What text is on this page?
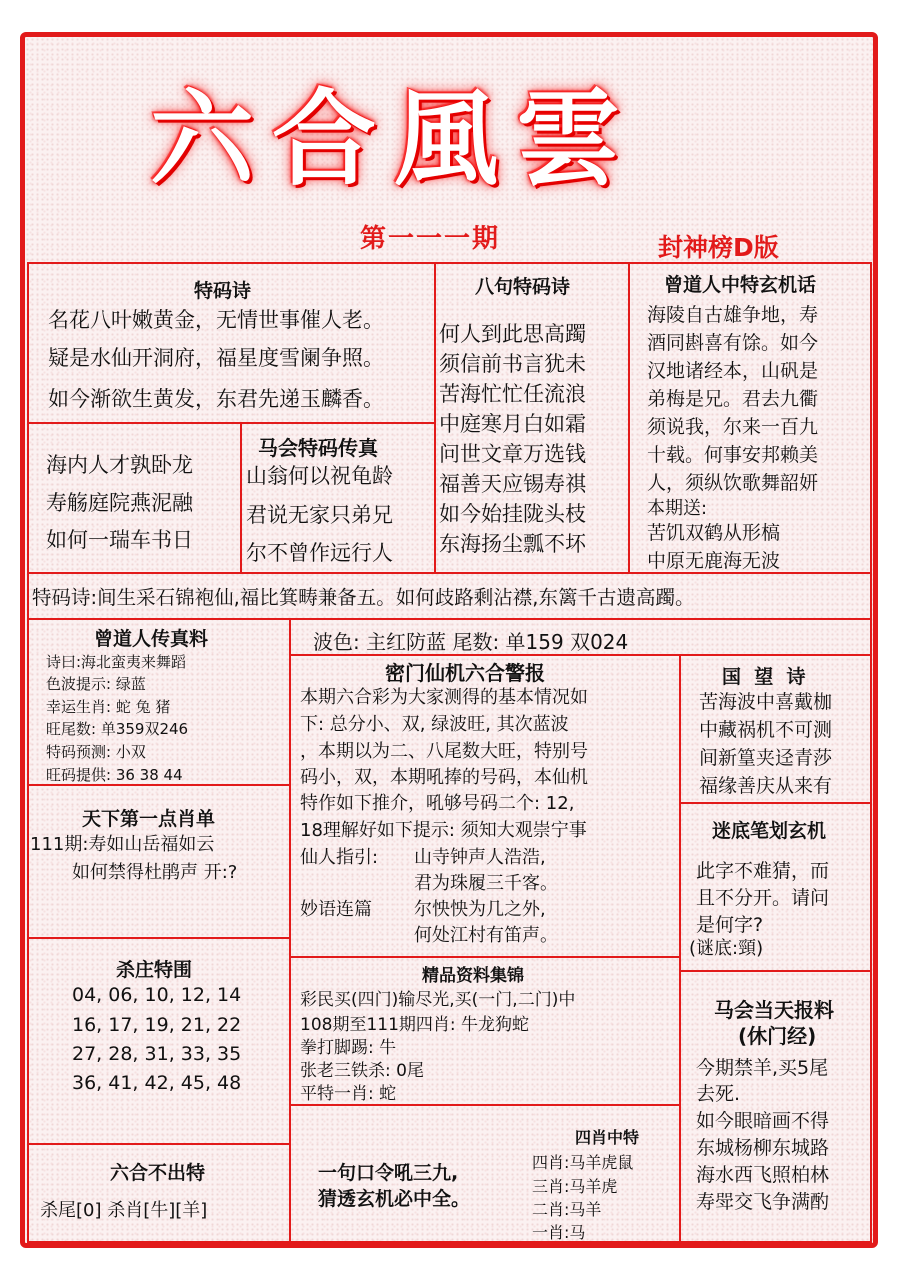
六合風雲
第一一一期	封神榜D版
特码诗
名花八叶嫩黄金，无情世事催人老。
疑是水仙开洞府，福星度雪阑争照。
如今渐欲生黄发，东君先递玉麟香。
海内人才孰卧龙
寿觞庭院燕泥融
如何一瑞车书日
马会特码传真
山翁何以祝龟龄
君说无家只弟兄
尔不曾作远行人
八句特码诗
何人到此思高躅
须信前书言犹未
苦海忙忙任流浪
中庭寒月白如霜
问世文章万选钱
福善天应锡寿祺
如今始挂陇头枝
东海扬尘瓢不坏
曾道人中特玄机话
海陵自古雄争地，寿
酒同斟喜有馀。如今
汉地诸经本，山矾是
弟梅是兄。君去九衢
须说我，尔来一百九
十载。何事安邦赖美
人，须纵饮歌舞韶妍
本期送:
苦饥双鹤从形槁
中原无鹿海无波
特码诗:间生采石锦袍仙,福比箕畴兼备五。如何歧路剩沾襟,东篱千古遗高躅。
曾道人传真料
诗曰:海北蛮夷来舞蹈
色波提示: 绿蓝
幸运生肖: 蛇 兔 猪
旺尾数: 单359双246
特码预测: 小双
旺码提供: 36 38 44
波色: 主红防蓝 尾数: 单159 双024
密门仙机六合警报
本期六合彩为大家测得的基本情况如
下: 总分小、双, 绿波旺, 其次蓝波
，本期以为二、八尾数大旺，特别号
码小，双，本期吼捧的号码，本仙机
特作如下推介，吼够号码二个: 12,
18理解好如下提示: 须知大观崇宁事
仙人指引: 山寺钟声人浩浩,
君为珠履三千客。
妙语连篇 尔怏怏为几之外,
何处江村有笛声。
国  望  诗
苦海波中喜戴枷
中藏祸机不可测
间新篁夹迳青莎
福缘善庆从来有
天下第一点肖单
111期:寿如山岳福如云
如何禁得杜鹃声 开:?
迷底笔划玄机
此字不难猜，而
且不分开。请问
是何字?
(谜底:頸)
杀庄特围
04, 06, 10, 12, 14
16, 17, 19, 21, 22
27, 28, 31, 33, 35
36, 41, 42, 45, 48
精品资料集锦
彩民买(四门)输尽光,买(一门,二门)中
108期至111期四肖: 牛龙狗蛇
拳打脚踢: 牛
张老三铁杀: 0尾
平特一肖: 蛇
马会当天报料
(休门经)
今期禁羊,买5尾
去死.
如今眼暗画不得
东城杨柳东城路
海水西飞照柏林
寿斝交飞争满酌
六合不出特
杀尾[0] 杀肖[牛][羊]
一句口令吼三九,
猜透玄机必中全。
四肖中特
四肖:马羊虎鼠
三肖:马羊虎
二肖:马羊
一肖:马
